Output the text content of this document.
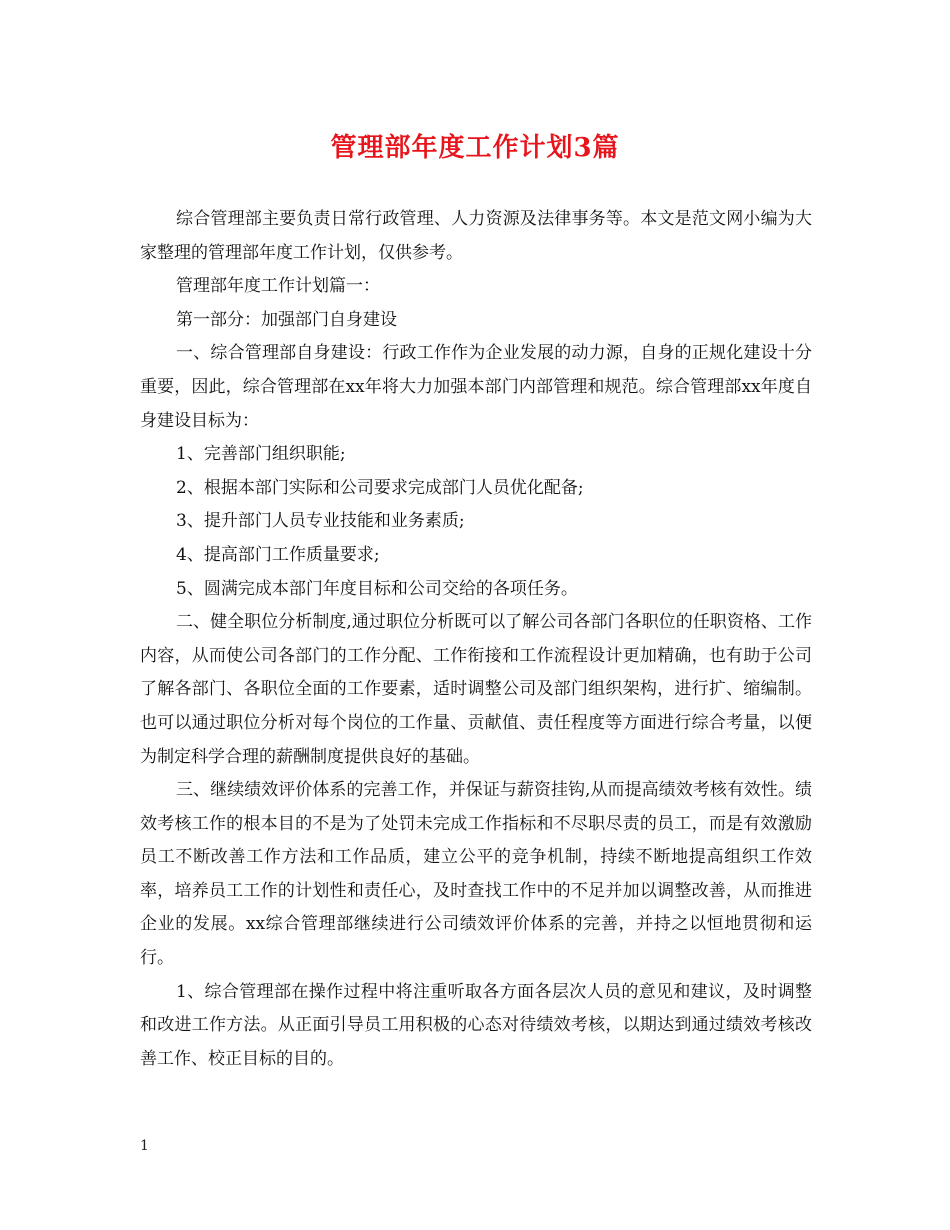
管理部年度工作计划3篇

综合管理部主要负责日常行政管理、人力资源及法律事务等。本文是范文网小编为大家整理的管理部年度工作计划，仅供参考。

管理部年度工作计划篇一：

第一部分：加强部门自身建设

一、综合管理部自身建设：行政工作作为企业发展的动力源，自身的正规化建设十分重要，因此，综合管理部在xx年将大力加强本部门内部管理和规范。综合管理部xx年度自身建设目标为：

1、完善部门组织职能;

2、根据本部门实际和公司要求完成部门人员优化配备;

3、提升部门人员专业技能和业务素质;

4、提高部门工作质量要求;

5、圆满完成本部门年度目标和公司交给的各项任务。

二、健全职位分析制度,通过职位分析既可以了解公司各部门各职位的任职资格、工作内容，从而使公司各部门的工作分配、工作衔接和工作流程设计更加精确，也有助于公司了解各部门、各职位全面的工作要素，适时调整公司及部门组织架构，进行扩、缩编制。也可以通过职位分析对每个岗位的工作量、贡献值、责任程度等方面进行综合考量，以便为制定科学合理的薪酬制度提供良好的基础。

三、继续绩效评价体系的完善工作，并保证与薪资挂钩,从而提高绩效考核有效性。绩效考核工作的根本目的不是为了处罚未完成工作指标和不尽职尽责的员工，而是有效激励员工不断改善工作方法和工作品质，建立公平的竞争机制，持续不断地提高组织工作效率，培养员工工作的计划性和责任心，及时查找工作中的不足并加以调整改善，从而推进企业的发展。xx综合管理部继续进行公司绩效评价体系的完善，并持之以恒地贯彻和运行。

1、综合管理部在操作过程中将注重听取各方面各层次人员的意见和建议，及时调整和改进工作方法。从正面引导员工用积极的心态对待绩效考核，以期达到通过绩效考核改善工作、校正目标的目的。

1
